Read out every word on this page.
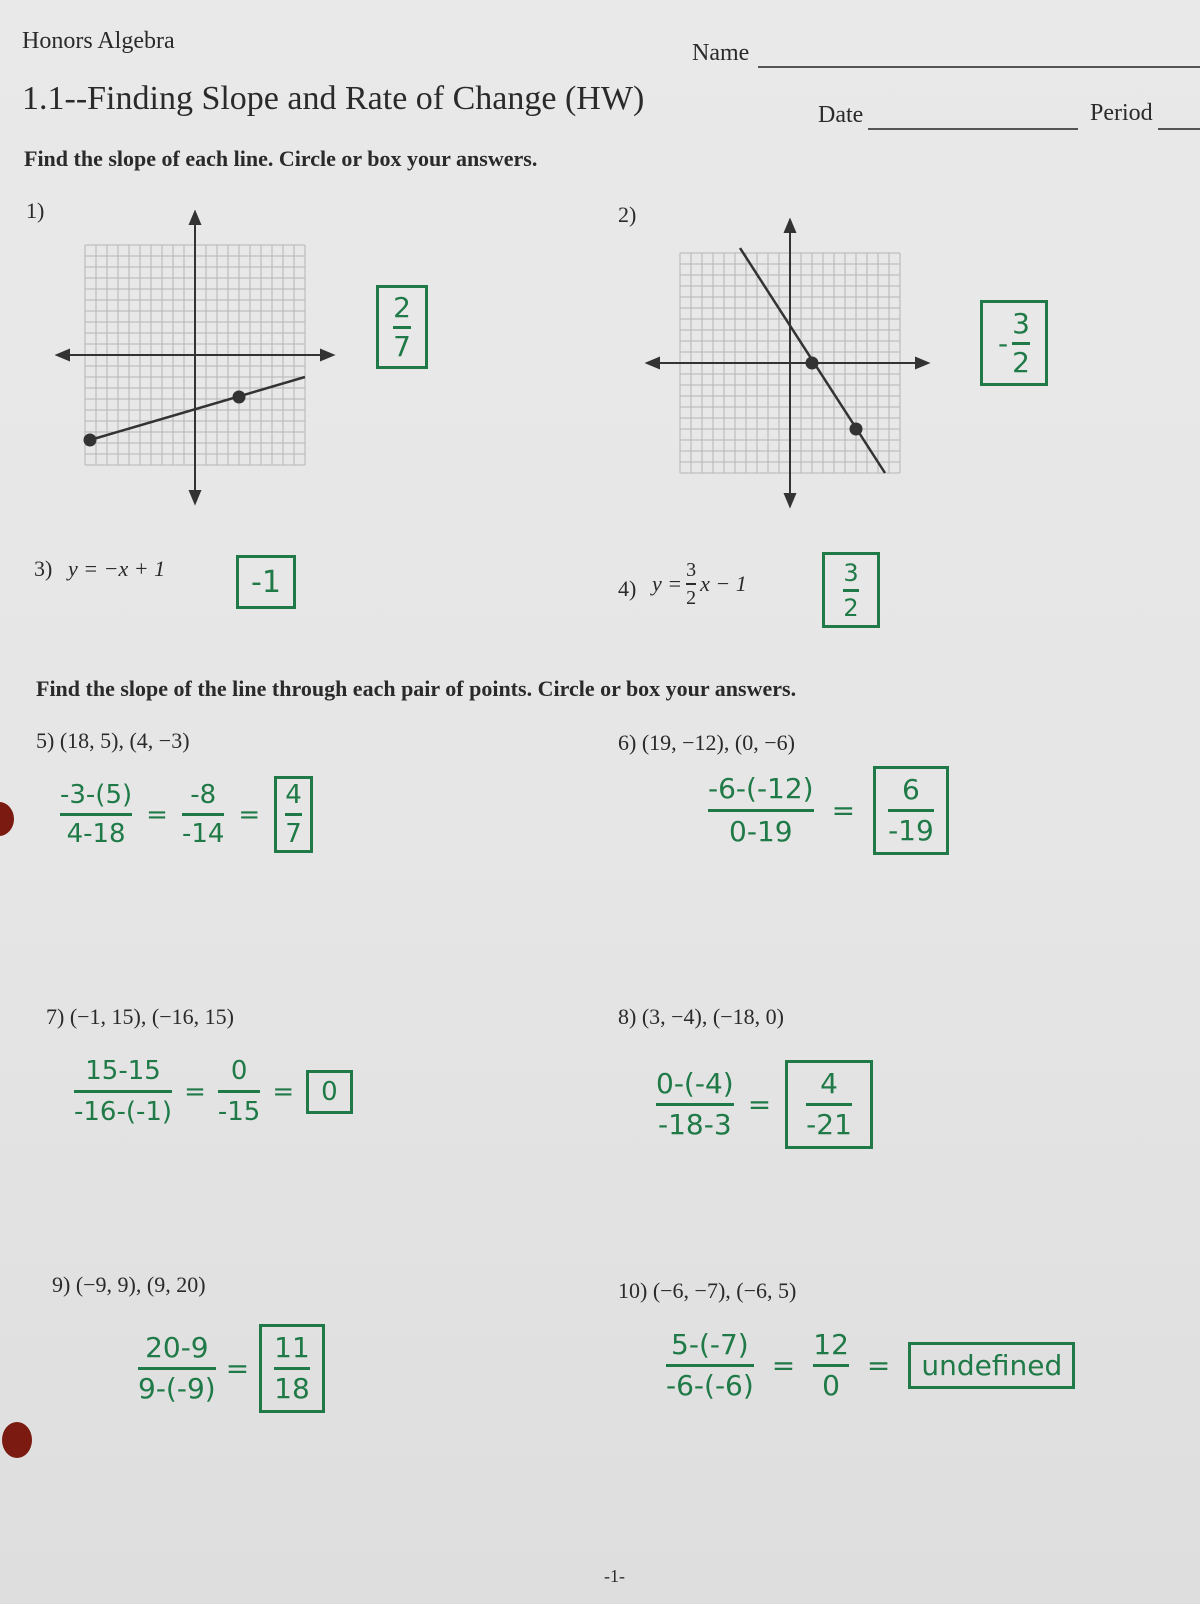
Honors Algebra	Name
1.1--Finding Slope and Rate of Change (HW)	Date	Period
Find the slope of each line. Circle or box your answers.
1)
$\frac{2}{7}$
2)
- $\frac{3}{2}$
3) y = −x + 1	-1	4) $y = \frac{3}{2}$ x − 1	$\frac{3}{2}$
Find the slope of the line through each pair of points. Circle or box your answers.
5) (18, 5), (4, −3)
$\frac{-3-(5)}{4-18} = \frac{-8}{-14} = \frac{4}{7}$
6) (19, −12), (0, −6)
$\frac{-6-(-12)}{0-19} = \frac{6}{-19}$
7) (−1, 15), (−16, 15)
$\frac{15-15}{-16-(-1)} = \frac{0}{-15}$ =	0
8) (3, −4), (−18, 0)
$\frac{0-(-4)}{-18-3} = \frac{4}{-21}$
9) (−9, 9), (9, 20)
$\frac{20-9}{9-(-9)} = \frac{11}{18}$
10) (−6, −7), (−6, 5)
$\frac{5-(-7)}{-6-(-6)} = \frac{12}{0}$ =	undefined
-1-
